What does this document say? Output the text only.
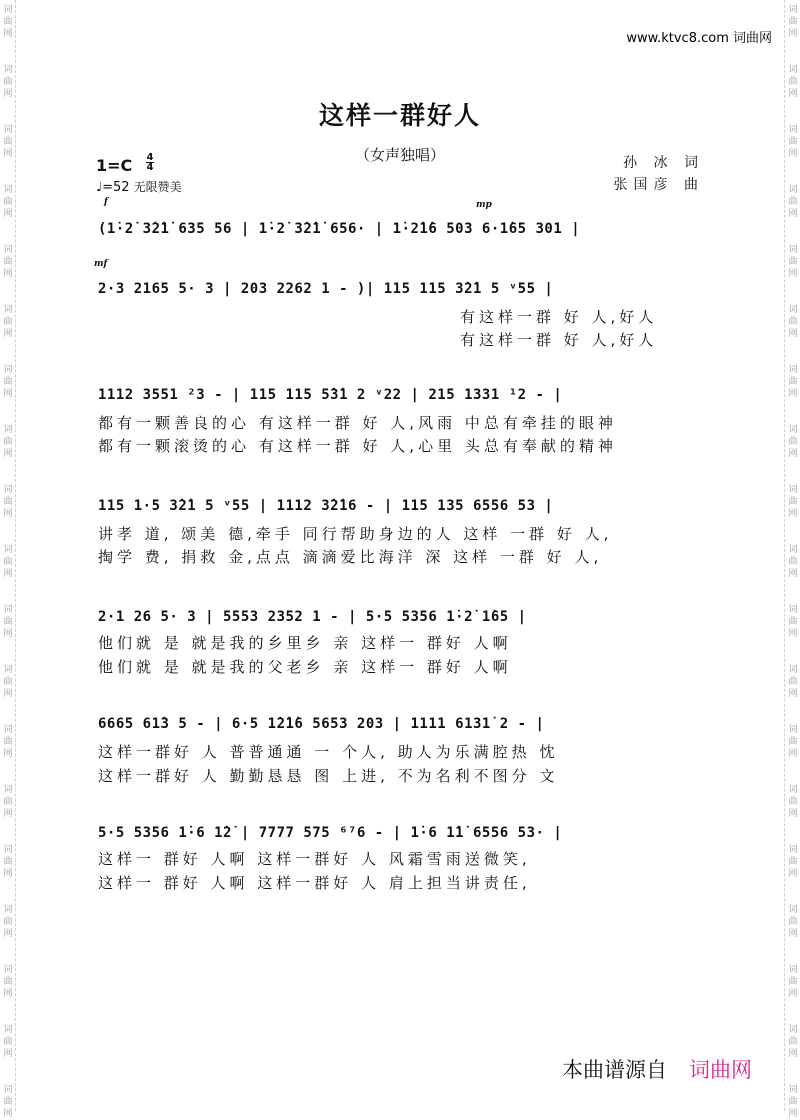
词
曲
网
词
曲
网
词
曲
网
词
曲
网
词
曲
网
词
曲
网
词
曲
网
词
曲
网
词
曲
网
词
曲
网
词
曲
网
词
曲
网
词
曲
网
词
曲
网
词
曲
网
词
曲
网
词
曲
网
词
曲
网
词
曲
网
词
曲
网
词
曲
网
词
曲
网
词
曲
网
词
曲
网
词
曲
网
词
曲
网
词
曲
网
词
曲
网
词
曲
网
词
曲
网
词
曲
网
词
曲
网
词
曲
网
词
曲
网
词
曲
网
词
曲
网
词
曲
网
词
曲
网
www.ktvc8.com 词曲网
这样一群好人
（女声独唱）
1=C 4
4
♩=52 无限赞美
孙 冰 词
张国彦 曲
f	mp
mf
(1̇·2̇ 3̇2̇1̇ 635 56 | 1̇·2̇ 3̇2̇1̇ 656· | 1̇·2̇1̇6 503 6·1̇65 301 |
2·3 2165 5· 3 | 203 2262 1 - )| 115 115 3̇2̇1 5 ᵛ55 |
有这样一群 好 人,好人
有这样一群 好 人,好人
1112 3551 ²3 - | 115 115 5̇3̇1 2 ᵛ22 | 215 1331 ¹2 - |
都有一颗善良的心 有这样一群 好 人,风雨 中总有牵挂的眼神
都有一颗滚烫的心 有这样一群 好 人,心里 头总有奉献的精神
115 1·5 3̇2̇1 5 ᵛ55 | 1112 3̇2̇16 - | 115 135 6556 53 |
讲孝 道, 颂美 德,牵手 同行帮助身边的人 这样 一群 好 人,
掏学 费, 捐救 金,点点 滴滴爱比海洋 深 这样 一群 好 人,
2·1 26 5· 3 | 5553 2352 1 - | 5·5 5356 1̇·2̇ 1̇65 |
他们就 是 就是我的乡里乡 亲 这样一 群好 人啊
他们就 是 就是我的父老乡 亲 这样一 群好 人啊
6665 61̇3 5 - | 6·5 1̇2̇1̇6 5653 203 | 1111 6131̇ 2 - |
这样一群好 人 普普通通 一 个人, 助人为乐满腔热 忱
这样一群好 人 勤勤恳恳 图 上进, 不为名利不图分 文
5·5 5356 1̇·6 1̇2̇ | 7777 575 ⁶⁷6 - | 1̇·6 1̇1̇ 6556 53· |
这样一 群好 人啊 这样一群好 人 风霜雪雨送微笑,
这样一 群好 人啊 这样一群好 人 肩上担当讲责任,
本曲谱源自 词曲网
